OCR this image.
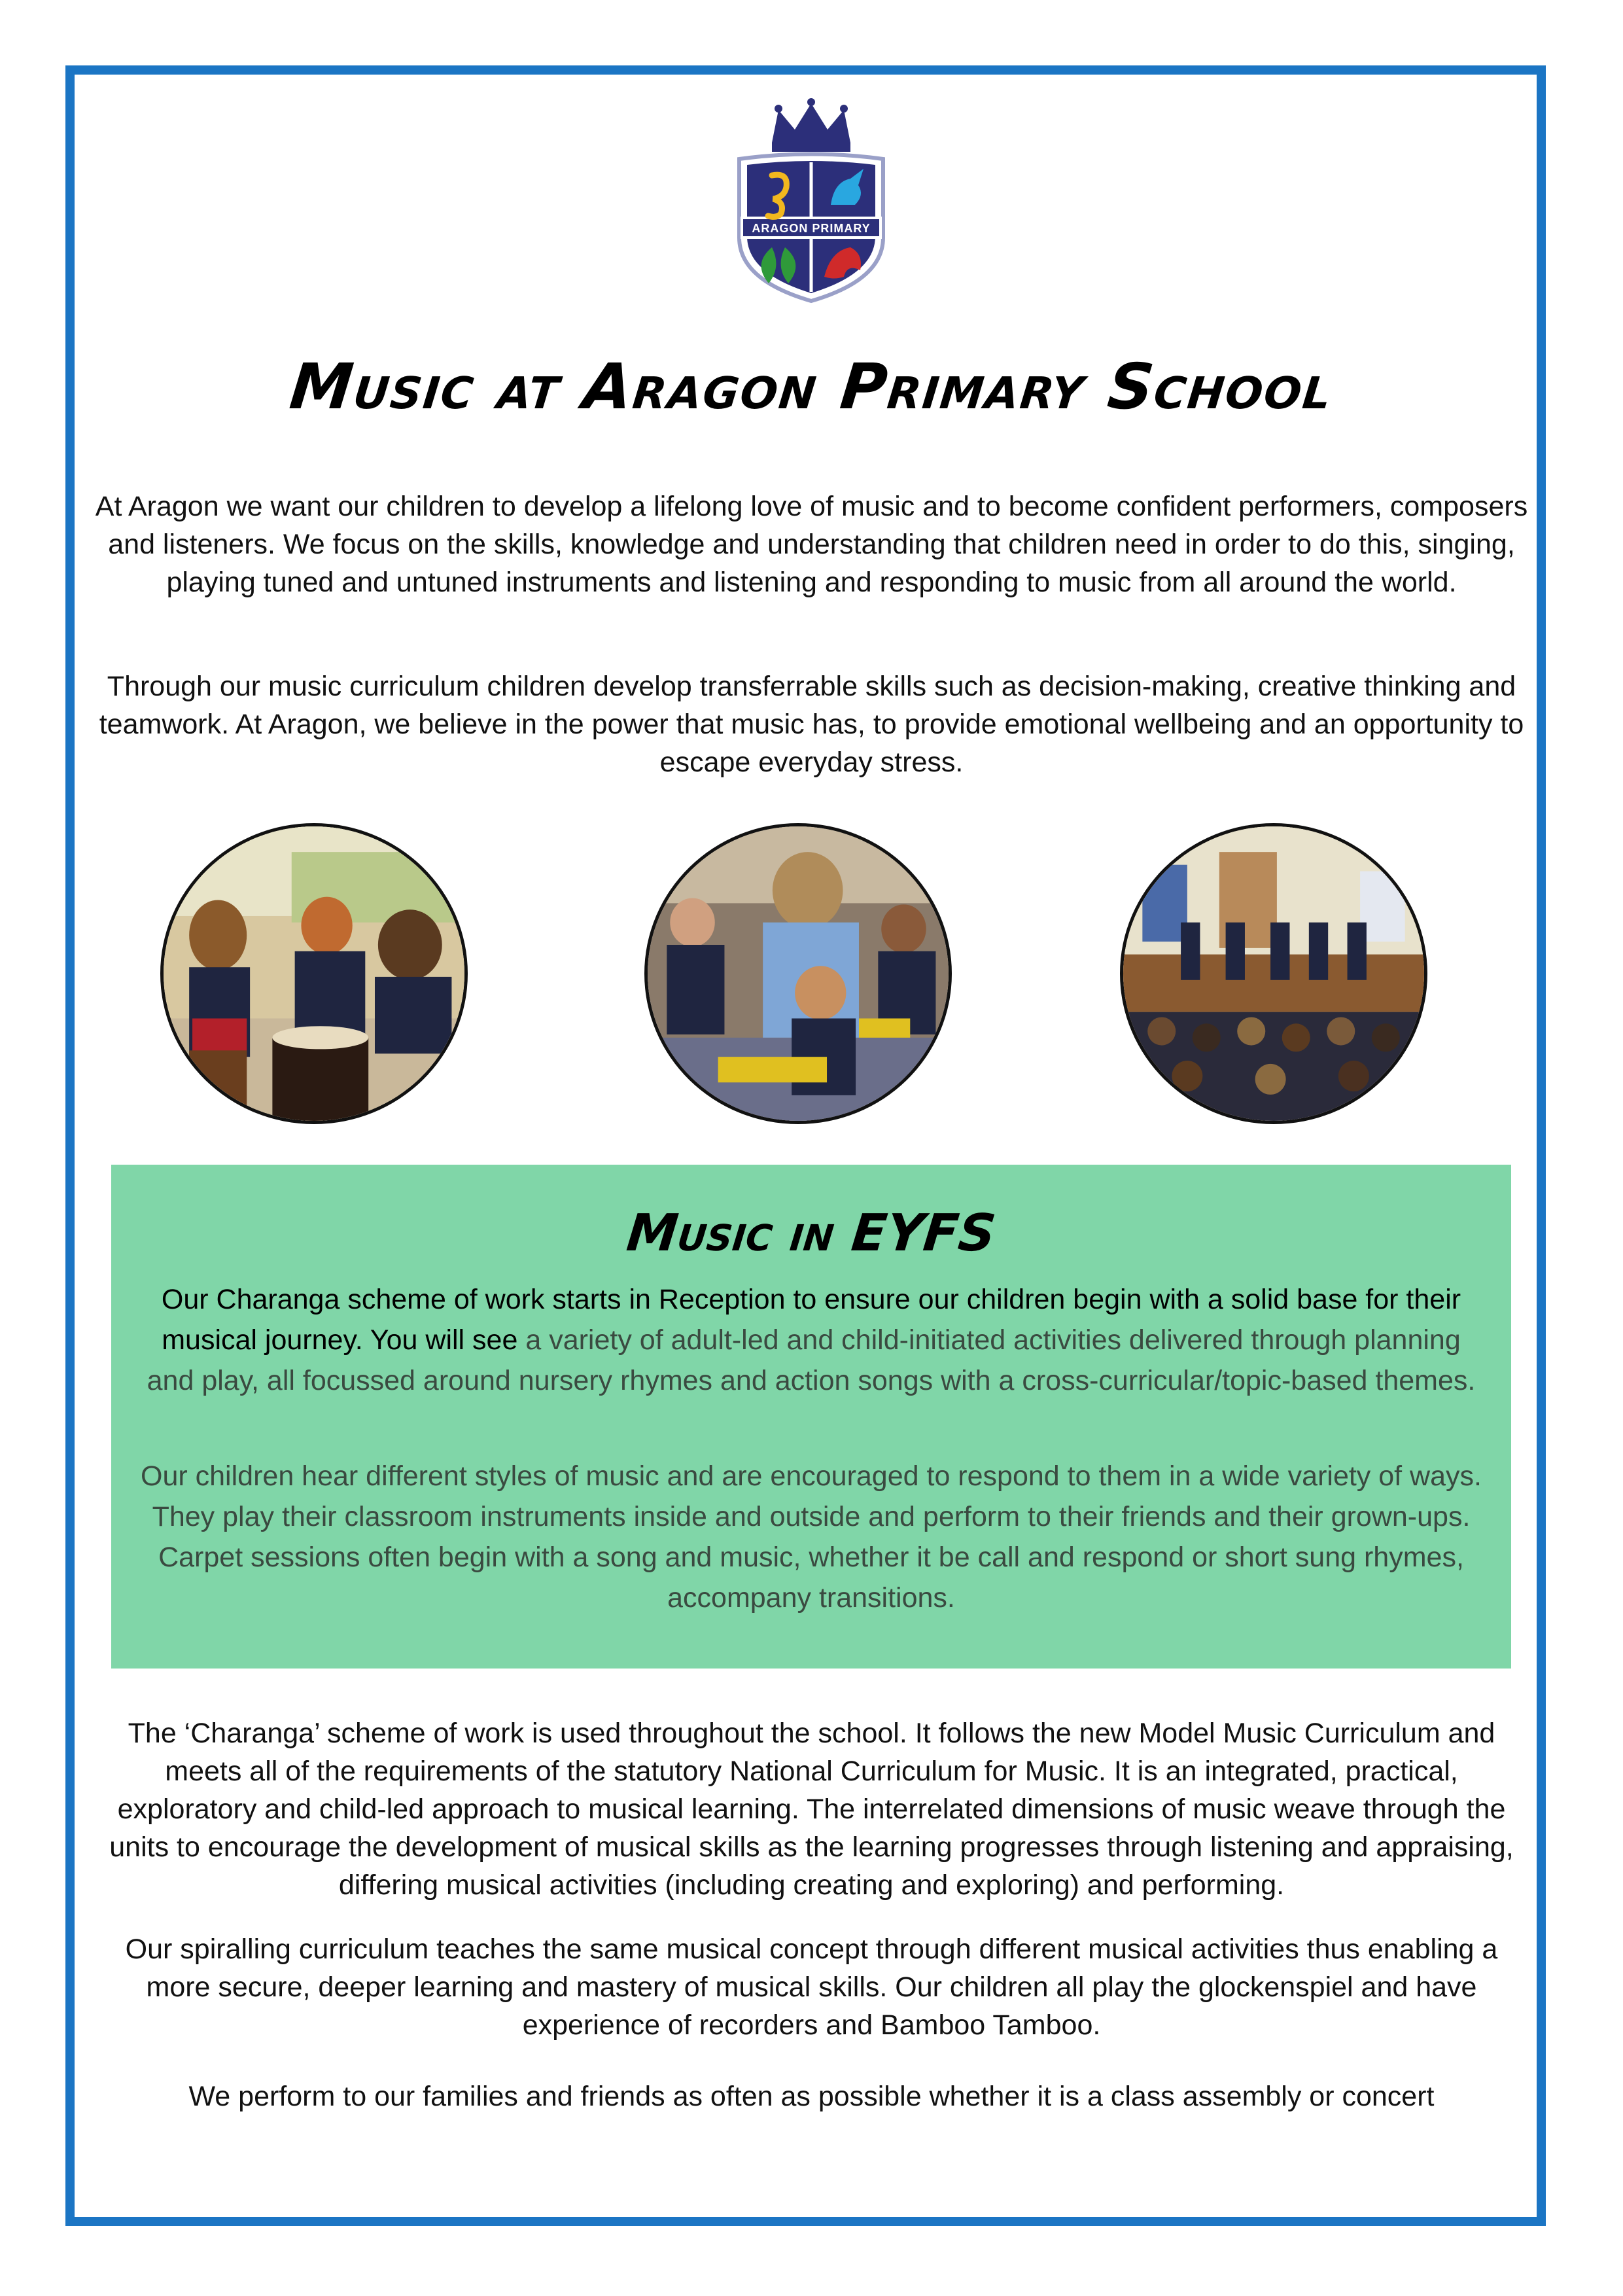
ARAGON PRIMARY
Music at Aragon Primary School
At Aragon we want our children to develop a lifelong love of music and to become confident performers, composers and listeners. We focus on the skills, knowledge and understanding that children need in order to do this, singing, playing tuned and untuned instruments and listening and responding to music from all around the world.
Through our music curriculum children develop transferrable skills such as decision-making, creative thinking and teamwork. At Aragon, we believe in the power that music has, to provide emotional wellbeing and an opportunity to escape everyday stress.
Music in EYFS
Our Charanga scheme of work starts in Reception to ensure our children begin with a solid base for their musical journey. You will see a variety of adult-led and child-initiated activities delivered through planning and play, all focussed around nursery rhymes and action songs with a cross-curricular/topic-based themes.
Our children hear different styles of music and are encouraged to respond to them in a wide variety of ways. They play their classroom instruments inside and outside and perform to their friends and their grown-ups. Carpet sessions often begin with a song and music, whether it be call and respond or short sung rhymes, accompany transitions.
The ‘Charanga’ scheme of work is used throughout the school. It follows the new Model Music Curriculum and meets all of the requirements of the statutory National Curriculum for Music. It is an integrated, practical, exploratory and child-led approach to musical learning. The interrelated dimensions of music weave through the units to encourage the development of musical skills as the learning progresses through listening and appraising, differing musical activities (including creating and exploring) and performing.
Our spiralling curriculum teaches the same musical concept through different musical activities thus enabling a more secure, deeper learning and mastery of musical skills. Our children all play the glockenspiel and have experience of recorders and Bamboo Tamboo.
We perform to our families and friends as often as possible whether it is a class assembly or concert
